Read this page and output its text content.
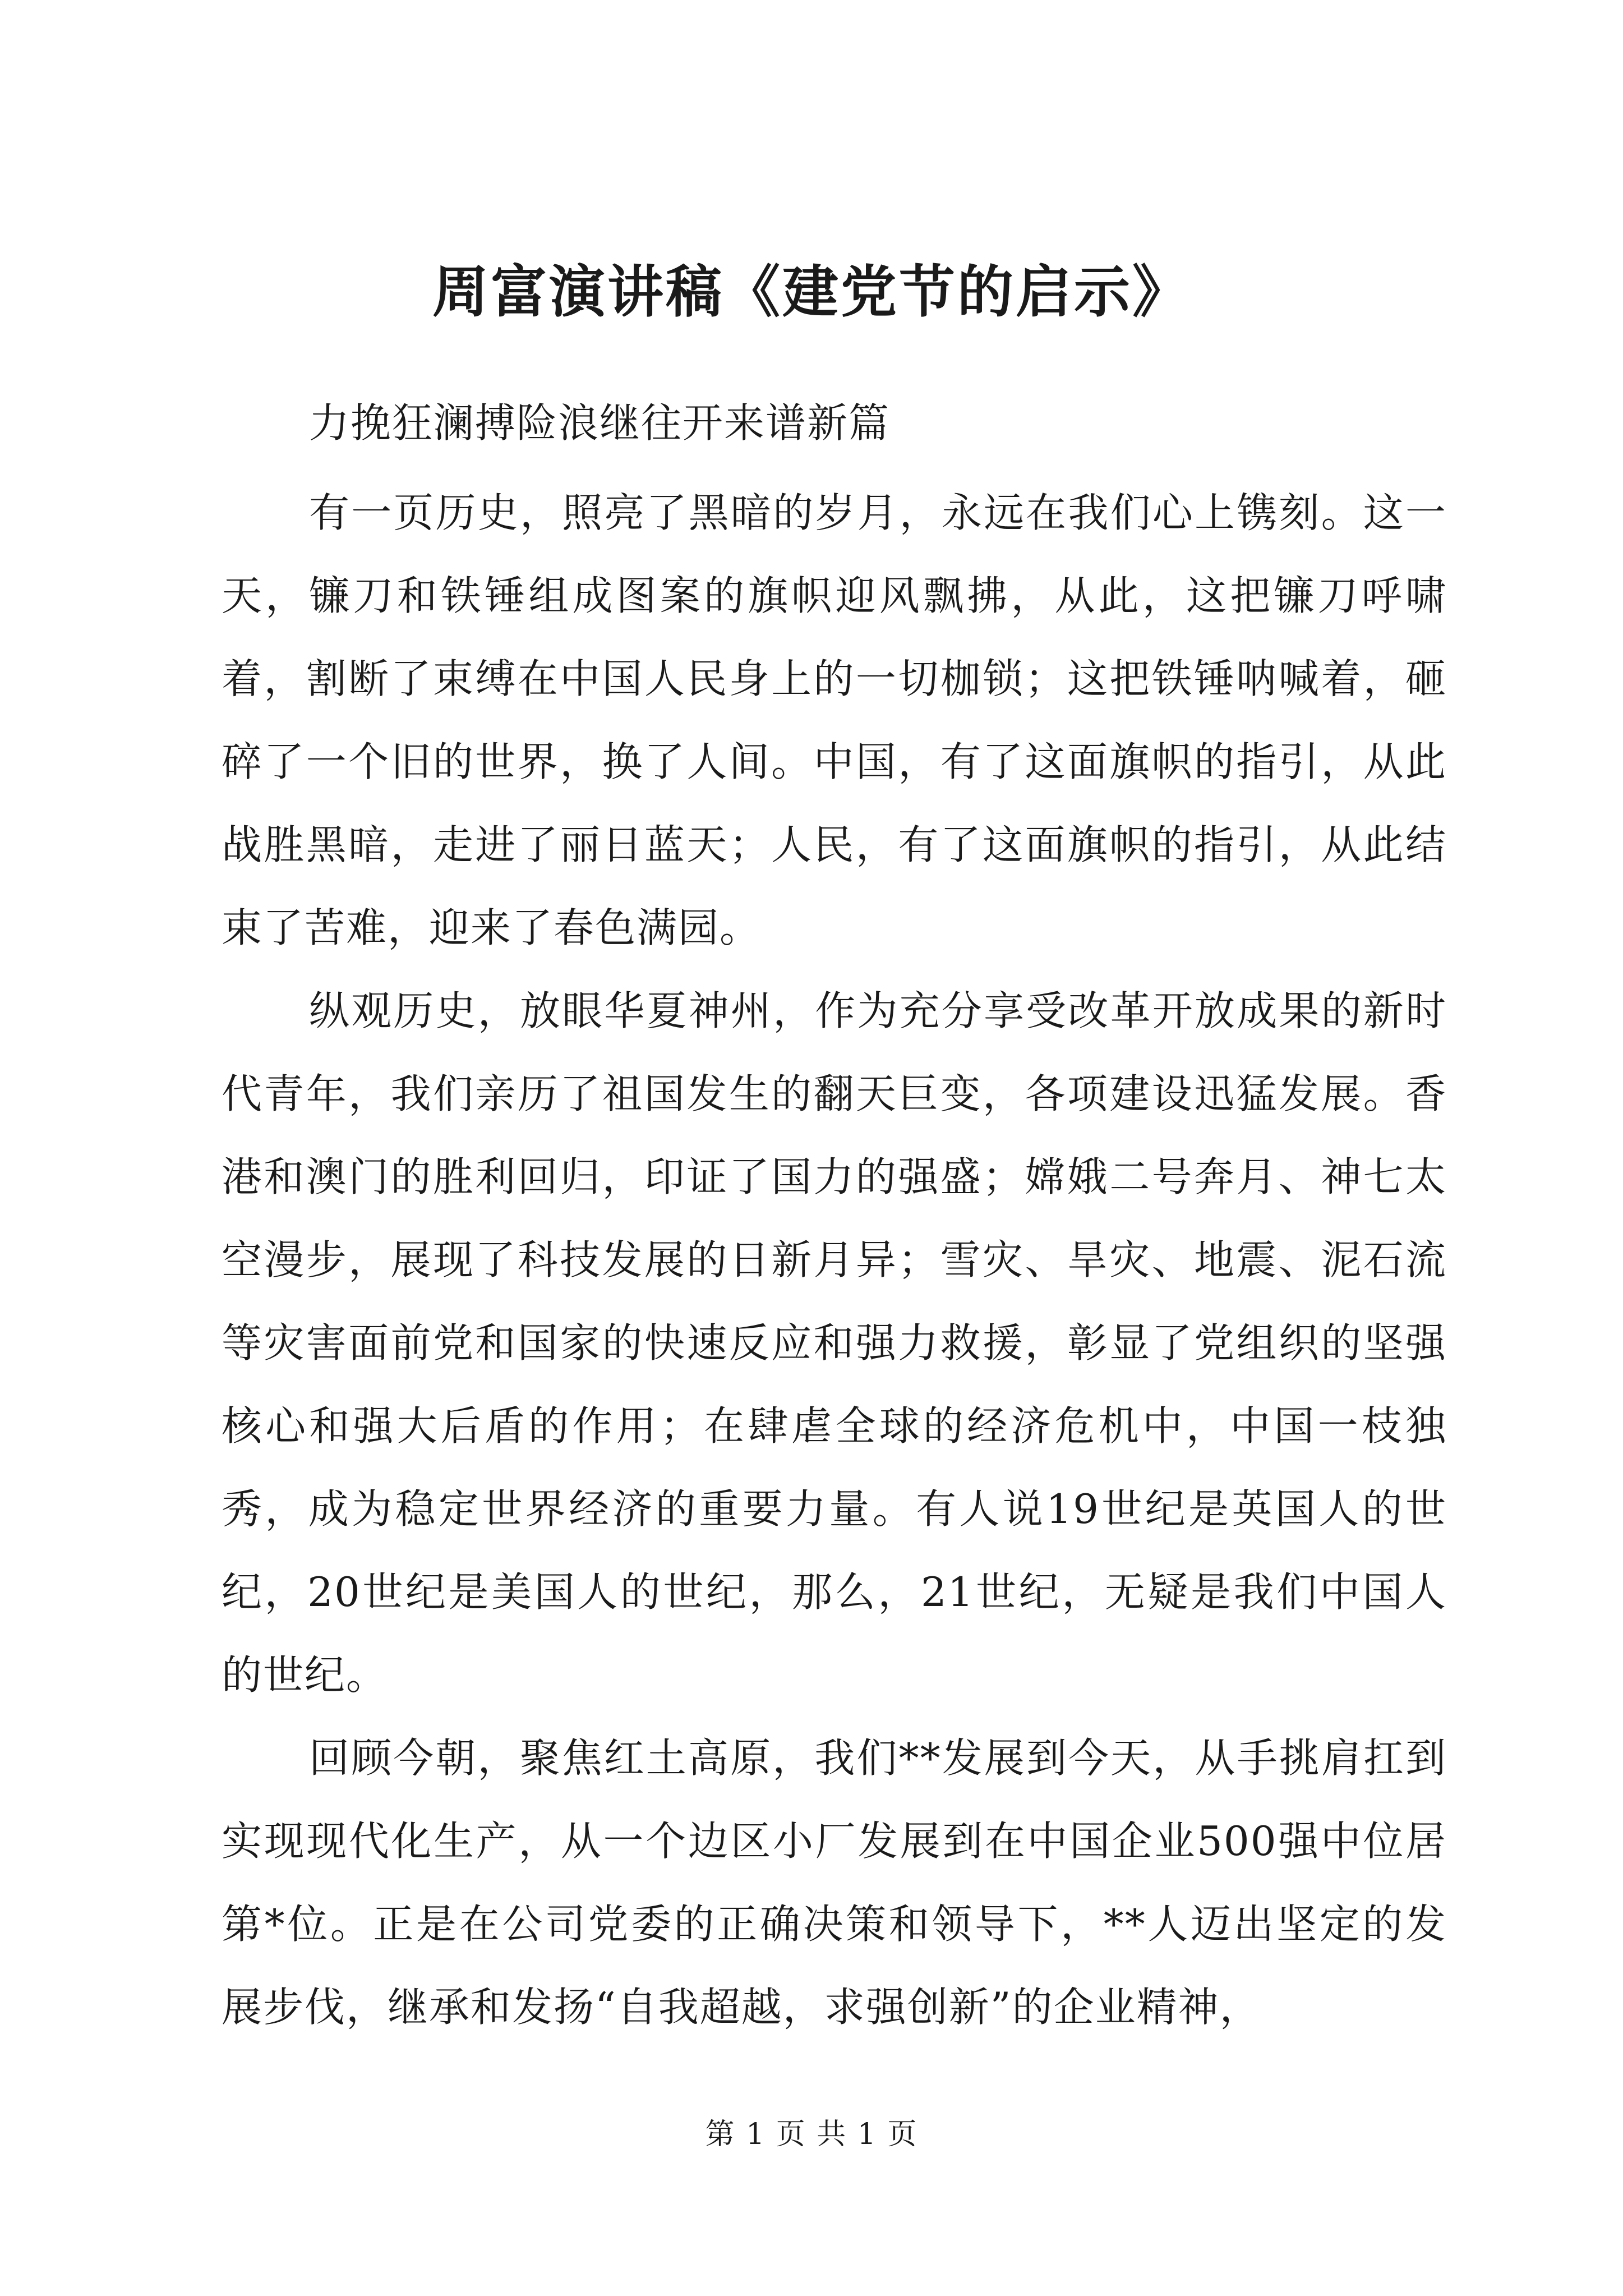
周富演讲稿《建党节的启示》

力挽狂澜搏险浪继往开来谱新篇

有一页历史，照亮了黑暗的岁月，永远在我们心上镌刻。这一天，镰刀和铁锤组成图案的旗帜迎风飘拂，从此，这把镰刀呼啸着，割断了束缚在中国人民身上的一切枷锁；这把铁锤呐喊着，砸碎了一个旧的世界，换了人间。中国，有了这面旗帜的指引，从此战胜黑暗，走进了丽日蓝天；人民，有了这面旗帜的指引，从此结束了苦难，迎来了春色满园。

纵观历史，放眼华夏神州，作为充分享受改革开放成果的新时代青年，我们亲历了祖国发生的翻天巨变，各项建设迅猛发展。香港和澳门的胜利回归，印证了国力的强盛；嫦娥二号奔月、神七太空漫步，展现了科技发展的日新月异；雪灾、旱灾、地震、泥石流等灾害面前党和国家的快速反应和强力救援，彰显了党组织的坚强核心和强大后盾的作用；在肆虐全球的经济危机中，中国一枝独秀，成为稳定世界经济的重要力量。有人说19世纪是英国人的世纪，20世纪是美国人的世纪，那么，21世纪，无疑是我们中国人的世纪。

回顾今朝，聚焦红土高原，我们**发展到今天，从手挑肩扛到实现现代化生产，从一个边区小厂发展到在中国企业500强中位居第*位。正是在公司党委的正确决策和领导下，**人迈出坚定的发展步伐，继承和发扬“自我超越，求强创新”的企业精神，

第 1 页 共 1 页
